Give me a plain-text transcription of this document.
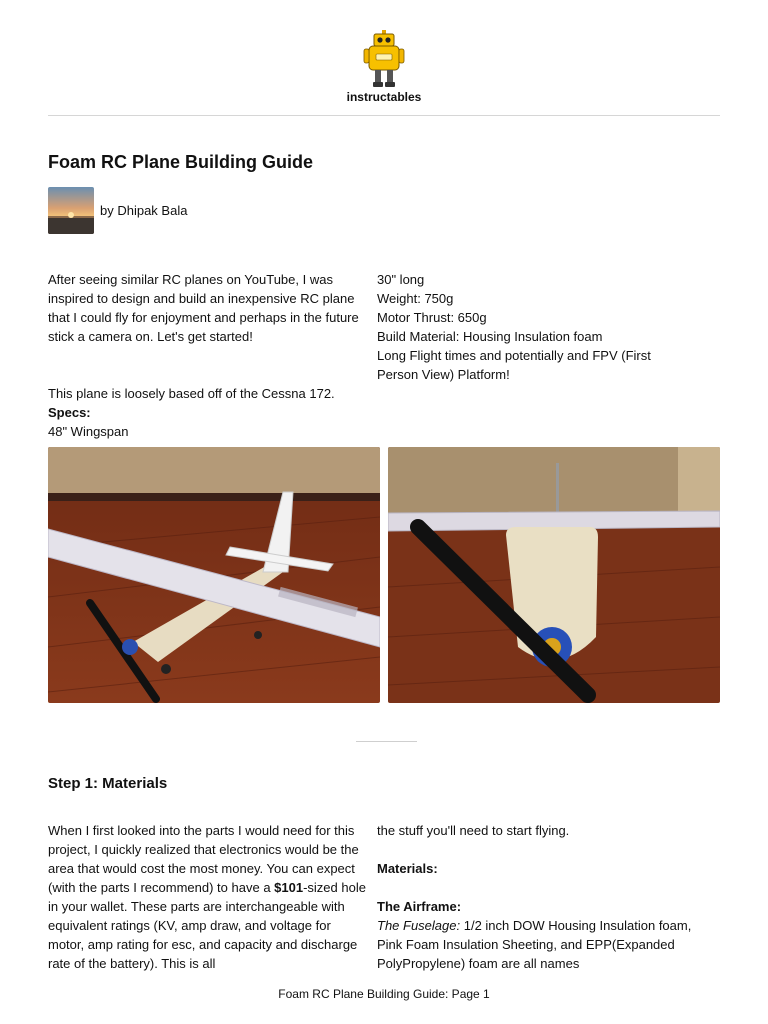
instructables
Foam RC Plane Building Guide
by Dhipak Bala

After seeing similar RC planes on YouTube, I was inspired to design and build an inexpensive RC plane that I could fly for enjoyment and perhaps in the future stick a camera on. Let's get started!

This plane is loosely based off of the Cessna 172.

Specs:

48" Wingspan

30" long

Weight: 750g

Motor Thrust: 650g

Build Material: Housing Insulation foam

Long Flight times and potentially and FPV (First Person View) Platform!

Step 1: Materials

When I first looked into the parts I would need for this project, I quickly realized that electronics would be the area that would cost the most money. You can expect (with the parts I recommend) to have a $101-sized hole in your wallet. These parts are interchangeable with equivalent ratings (KV, amp draw, and voltage for motor, amp rating for esc, and capacity and discharge rate of the battery). This is all

the stuff you'll need to start flying.

Materials:

The Airframe:

The Fuselage: 1/2 inch DOW Housing Insulation foam, Pink Foam Insulation Sheeting, and EPP(Expanded PolyPropylene) foam are all names

Foam RC Plane Building Guide: Page 1
